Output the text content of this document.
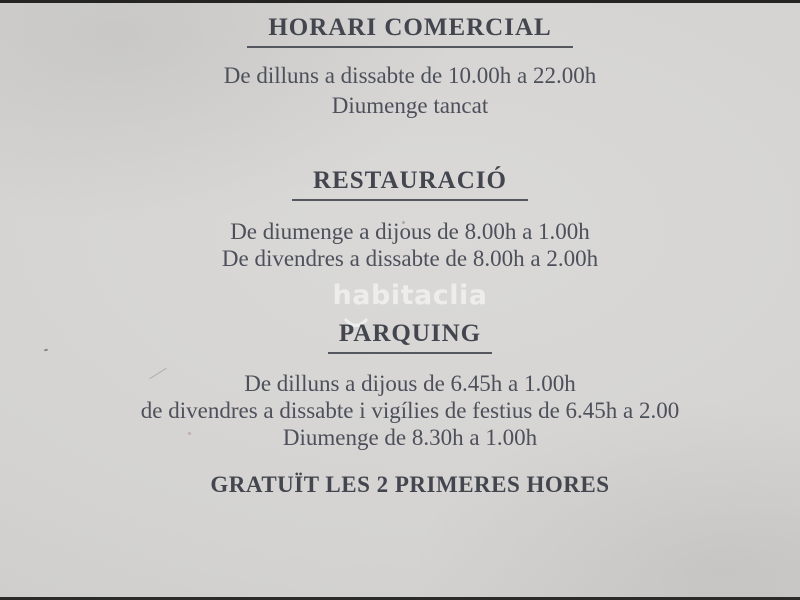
HORARI COMERCIAL
De dilluns a dissabte de 10.00h a 22.00h
Diumenge tancat
RESTAURACIÓ
De diumenge a dijous de 8.00h a 1.00h
De divendres a dissabte de 8.00h a 2.00h
habitaclia
PARQUING
De dilluns a dijous de 6.45h a 1.00h
de divendres a dissabte i vigílies de festius de 6.45h a 2.00
Diumenge de 8.30h a 1.00h
GRATUÏT LES 2 PRIMERES HORES
